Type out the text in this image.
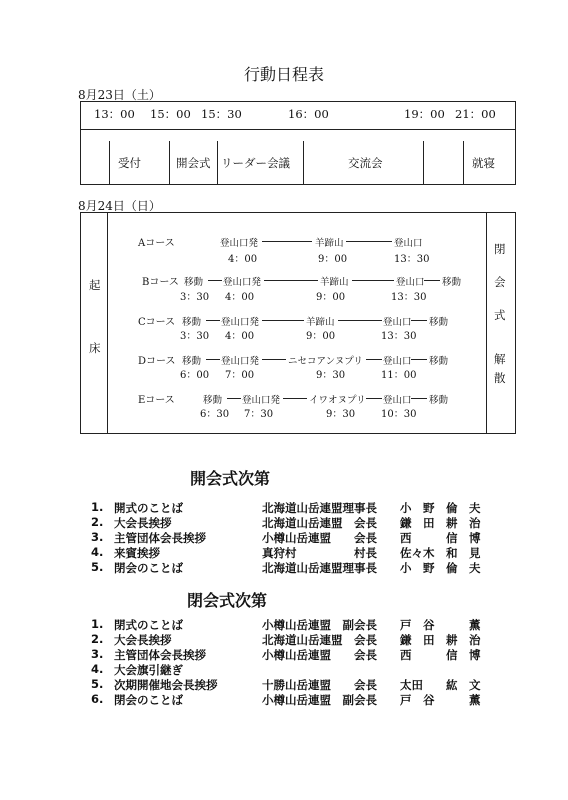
行動日程表
8月23日（土）
13：00 15：00 15：30	16：00	19：00 21：00
受付	開会式 リーダー会議	交流会	就寝
8月24日（日）
起
床
閉
会
式
解
散
Aコース	登山口発	羊蹄山	登山口
4：00	9：00	13：30
Bコース 移動 登山口発	羊蹄山	登山口 移動
3：30 4：00	9：00	13：30
Cコース 移動 登山口発	羊蹄山	登山口 移動
3：30 4：00	9：00	13：30
Dコース 移動 登山口発	ニセコアンヌプリ 登山口 移動
6：00 7：00	9：30	11：00
Eコース	移動 登山口発	イワオヌプリ 登山口 移動
6：30 7：30	9：30	10：30
開会式次第
1. 開式のことば	北海道山岳連盟理事長 小　野　倫　夫
2. 大会長挨拶	北海道山岳連盟　会長 鎌　田　耕　治
3. 主管団体会長挨拶	小樽山岳連盟　　会長 西　　　信　博
4. 来賓挨拶	真狩村　　　　　村長 佐々木　和　見
5. 閉会のことば	北海道山岳連盟理事長 小　野　倫　夫
閉会式次第
1. 閉式のことば	小樽山岳連盟　副会長 戸　谷　　　薫
2. 大会長挨拶	北海道山岳連盟　会長 鎌　田　耕　治
3. 主管団体会長挨拶	小樽山岳連盟　　会長 西　　　信　博
4. 大会旗引継ぎ
5. 次期開催地会長挨拶	十勝山岳連盟　　会長 太田　　紘　文
6. 閉会のことば	小樽山岳連盟　副会長 戸　谷　　　薫
